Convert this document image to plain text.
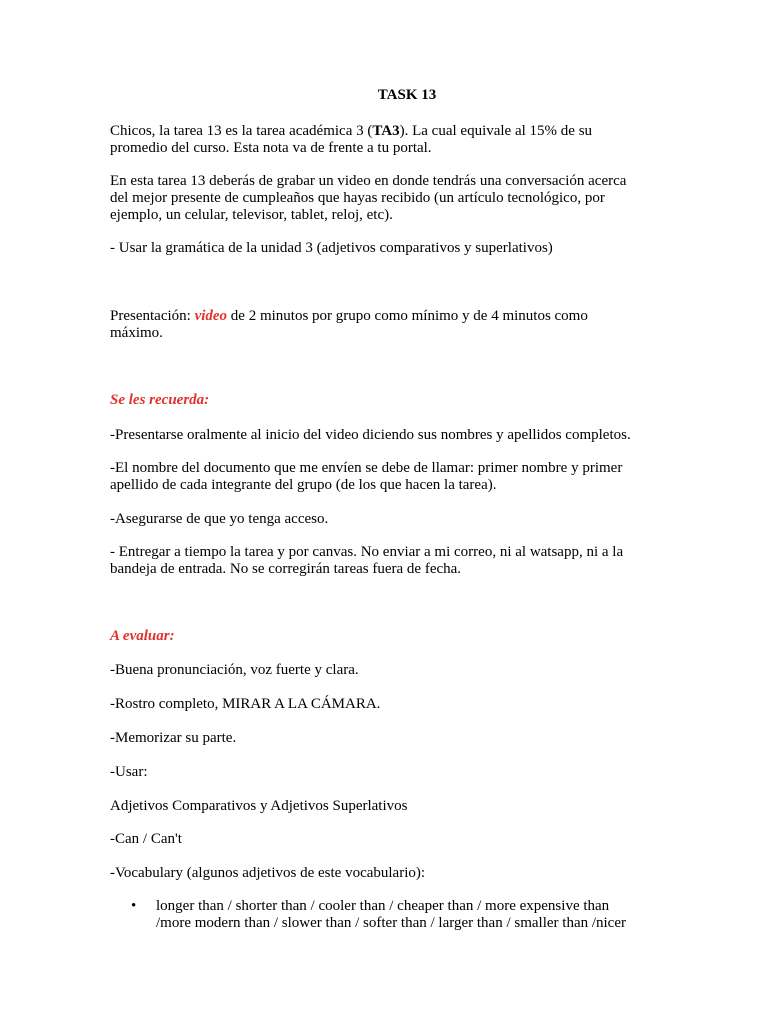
TASK 13
Chicos, la tarea 13 es la tarea académica 3 (TA3). La cual equivale al 15% de su
promedio del curso. Esta nota va de frente a tu portal.
En esta tarea 13 deberás de grabar un video en donde tendrás una conversación acerca
del mejor presente de cumpleaños que hayas recibido (un artículo tecnológico, por
ejemplo, un celular, televisor, tablet, reloj, etc).
- Usar la gramática de la unidad 3 (adjetivos comparativos y superlativos)
Presentación: video de 2 minutos por grupo como mínimo y de 4 minutos como
máximo.
Se les recuerda:
-Presentarse oralmente al inicio del video diciendo sus nombres y apellidos completos.
-El nombre del documento que me envíen se debe de llamar: primer nombre y primer
apellido de cada integrante del grupo (de los que hacen la tarea).
-Asegurarse de que yo tenga acceso.
- Entregar a tiempo la tarea y por canvas. No enviar a mi correo, ni al watsapp, ni a la
bandeja de entrada. No se corregirán tareas fuera de fecha.
A evaluar:
-Buena pronunciación, voz fuerte y clara.
-Rostro completo, MIRAR A LA CÁMARA.
-Memorizar su parte.
-Usar:
Adjetivos Comparativos y Adjetivos Superlativos
-Can / Can't
-Vocabulary (algunos adjetivos de este vocabulario):
• longer than / shorter than / cooler than / cheaper than / more expensive than
/more modern than / slower than / softer than / larger than / smaller than /nicer
